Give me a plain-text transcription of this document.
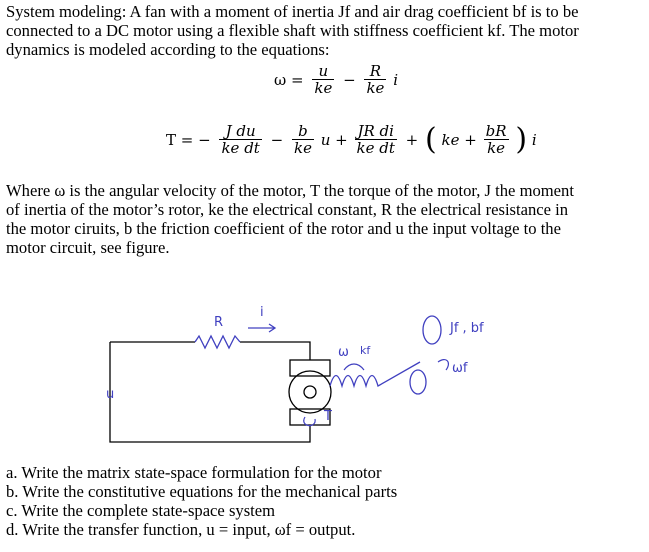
System modeling: A fan with a moment of inertia Jf and air drag coefficient bf is to be
connected to a DC motor using a flexible shaft with stiffness coefficient kf. The motor
dynamics is modeled according to the equations:
$\omega = \frac{u}{ke} - \frac{R}{ke}$ i
T = − $\frac{\text{J du}}{\text{ke dt}} - \frac{b}{ke}$ $u + \frac{\text{JR di}}{\text{ke dt}}$ + ( ke + $\frac{bR}{ke}$ ) i
Where ω is the angular velocity of the motor, T the torque of the motor, J the moment
of inertia of the motor’s rotor, ke the electrical constant, R the electrical resistance in
the motor ciruits, b the friction coefficient of the rotor and u the input voltage to the
motor circuit, see figure.
R
i
u
ω kf
Jf , bf
ωf
T
a. Write the matrix state-space formulation for the motor
b. Write the constitutive equations for the mechanical parts
c. Write the complete state-space system
d. Write the transfer function, u = input, ωf = output.
